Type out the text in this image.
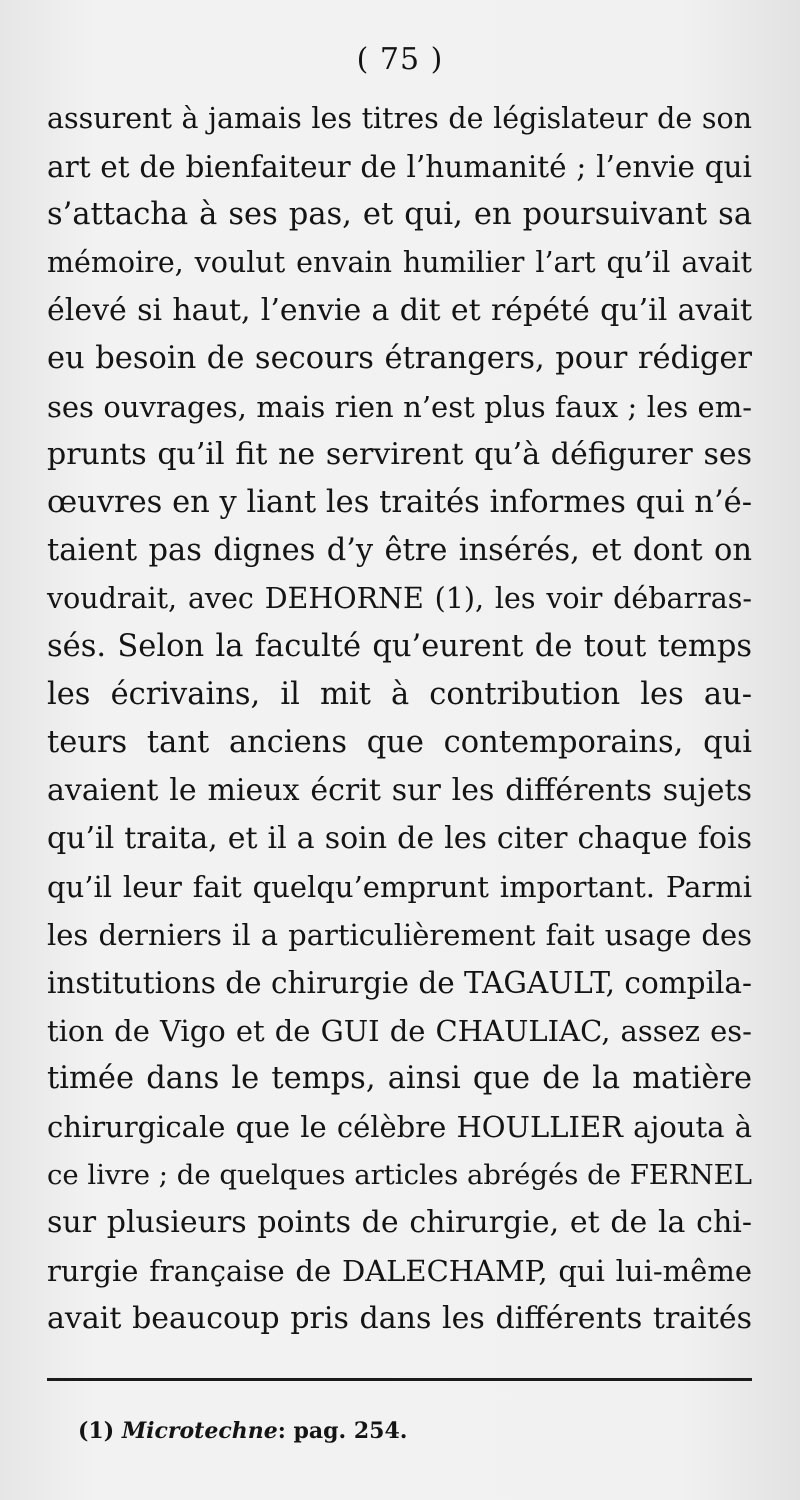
( 75 )
assurent à jamais les titres de législateur de son
art et de bienfaiteur de l’humanité ; l’envie qui
s’attacha à ses pas, et qui, en poursuivant sa
mémoire, voulut envain humilier l’art qu’il avait
élevé si haut, l’envie a dit et répété qu’il avait
eu besoin de secours étrangers, pour rédiger
ses ouvrages, mais rien n’est plus faux ; les em-
prunts qu’il fit ne servirent qu’à défigurer ses
œuvres en y liant les traités informes qui n’é-
taient pas dignes d’y être insérés, et dont on
voudrait, avec DEHORNE (1), les voir débarras-
sés. Selon la faculté qu’eurent de tout temps
les écrivains, il mit à contribution les au-
teurs tant anciens que contemporains, qui
avaient le mieux écrit sur les différents sujets
qu’il traita, et il a soin de les citer chaque fois
qu’il leur fait quelqu’emprunt important. Parmi
les derniers il a particulièrement fait usage des
institutions de chirurgie de TAGAULT, compila-
tion de Vigo et de GUI de CHAULIAC, assez es-
timée dans le temps, ainsi que de la matière
chirurgicale que le célèbre HOULLIER ajouta à
ce livre ; de quelques articles abrégés de FERNEL
sur plusieurs points de chirurgie, et de la chi-
rurgie française de DALECHAMP, qui lui-même
avait beaucoup pris dans les différents traités
(1) Microtechne: pag. 254.
